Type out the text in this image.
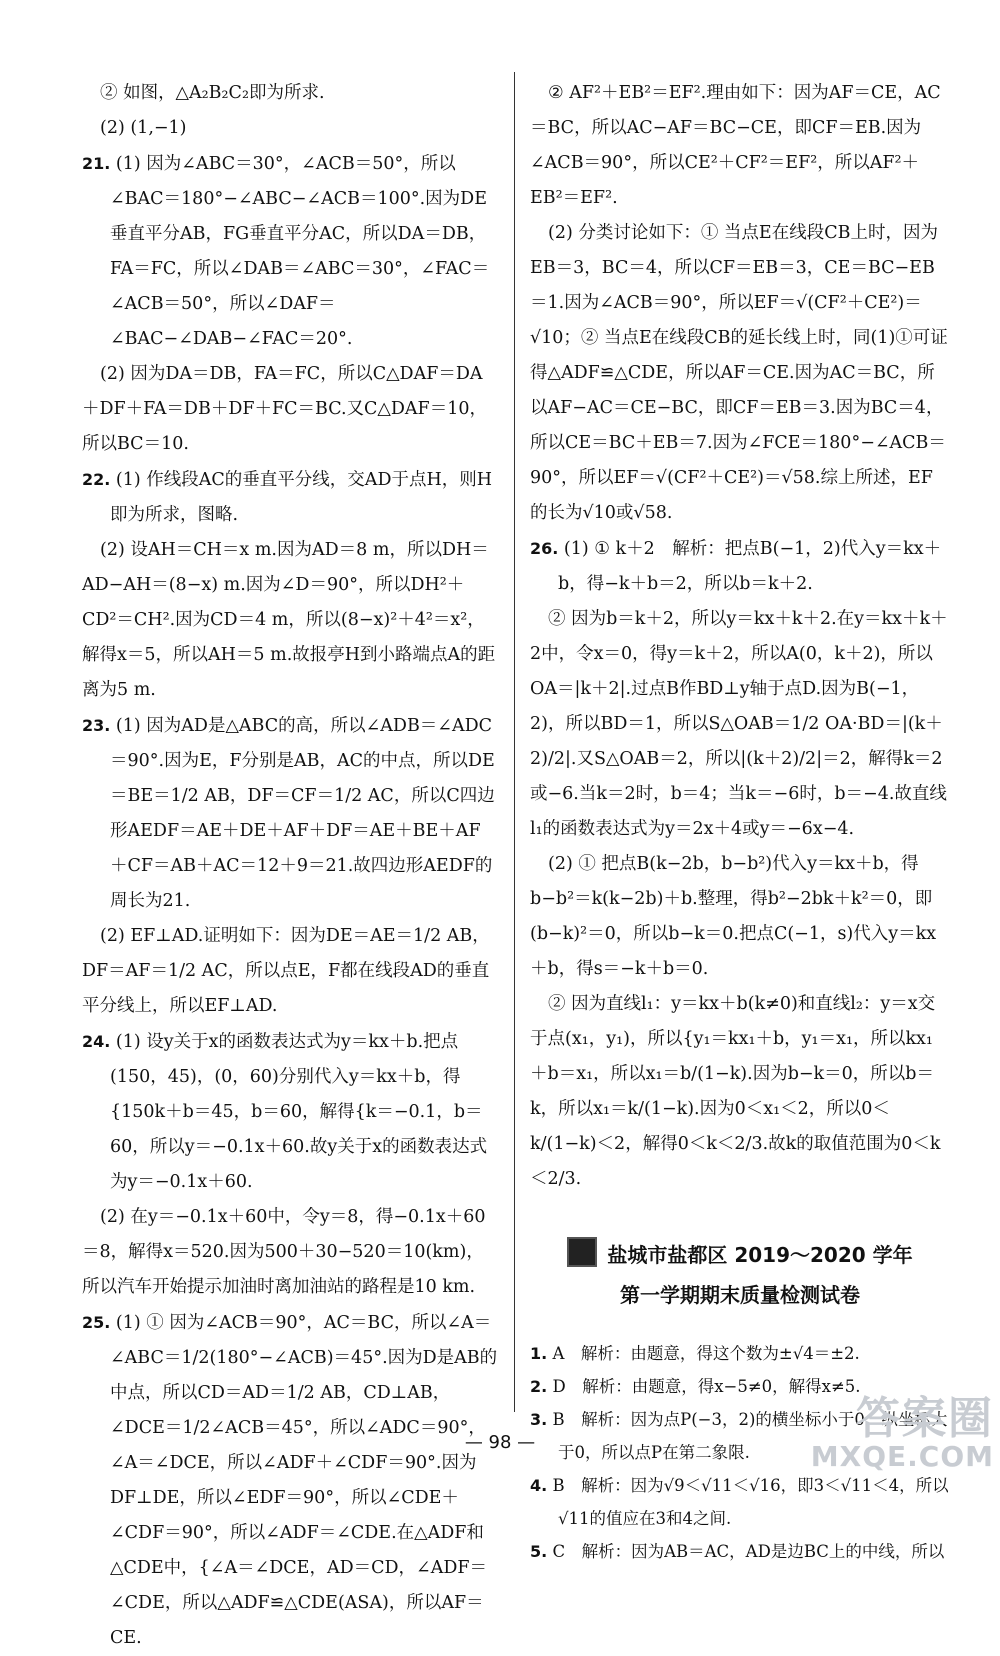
② 如图，△A₂B₂C₂即为所求.

(2) (1,−1)

21. (1) 因为∠ABC＝30°，∠ACB＝50°，所以∠BAC＝180°−∠ABC−∠ACB＝100°.因为DE垂直平分AB，FG垂直平分AC，所以DA＝DB，FA＝FC，所以∠DAB＝∠ABC＝30°，∠FAC＝∠ACB＝50°，所以∠DAF＝∠BAC−∠DAB−∠FAC＝20°.

(2) 因为DA＝DB，FA＝FC，所以C△DAF＝DA＋DF＋FA＝DB＋DF＋FC＝BC.又C△DAF＝10，所以BC＝10.

22. (1) 作线段AC的垂直平分线，交AD于点H，则H即为所求，图略.

(2) 设AH＝CH＝x m.因为AD＝8 m，所以DH＝AD−AH＝(8−x) m.因为∠D＝90°，所以DH²＋CD²＝CH².因为CD＝4 m，所以(8−x)²＋4²＝x²，解得x＝5，所以AH＝5 m.故报亭H到小路端点A的距离为5 m.

23. (1) 因为AD是△ABC的高，所以∠ADB＝∠ADC＝90°.因为E，F分别是AB，AC的中点，所以DE＝BE＝1/2 AB，DF＝CF＝1/2 AC，所以C四边形AEDF＝AE＋DE＋AF＋DF＝AE＋BE＋AF＋CF＝AB＋AC＝12＋9＝21.故四边形AEDF的周长为21.

(2) EF⊥AD.证明如下：因为DE＝AE＝1/2 AB，DF＝AF＝1/2 AC，所以点E，F都在线段AD的垂直平分线上，所以EF⊥AD.

24. (1) 设y关于x的函数表达式为y＝kx＋b.把点(150，45)，(0，60)分别代入y＝kx＋b，得{150k＋b＝45，b＝60，解得{k＝−0.1，b＝60，所以y＝−0.1x＋60.故y关于x的函数表达式为y＝−0.1x＋60.

(2) 在y＝−0.1x＋60中，令y＝8，得−0.1x＋60＝8，解得x＝520.因为500＋30−520＝10(km)，所以汽车开始提示加油时离加油站的路程是10 km.

25. (1) ① 因为∠ACB＝90°，AC＝BC，所以∠A＝∠ABC＝1/2(180°−∠ACB)＝45°.因为D是AB的中点，所以CD＝AD＝1/2 AB，CD⊥AB，∠DCE＝1/2∠ACB＝45°，所以∠ADC＝90°，∠A＝∠DCE，所以∠ADF＋∠CDF＝90°.因为DF⊥DE，所以∠EDF＝90°，所以∠CDE＋∠CDF＝90°，所以∠ADF＝∠CDE.在△ADF和△CDE中，{∠A＝∠DCE，AD＝CD，∠ADF＝∠CDE，所以△ADF≌△CDE(ASA)，所以AF＝CE.

② AF²＋EB²＝EF².理由如下：因为AF＝CE，AC＝BC，所以AC−AF＝BC−CE，即CF＝EB.因为∠ACB＝90°，所以CE²＋CF²＝EF²，所以AF²＋EB²＝EF².

(2) 分类讨论如下：① 当点E在线段CB上时，因为EB＝3，BC＝4，所以CF＝EB＝3，CE＝BC−EB＝1.因为∠ACB＝90°，所以EF＝√(CF²＋CE²)＝√10；② 当点E在线段CB的延长线上时，同(1)①可证得△ADF≌△CDE，所以AF＝CE.因为AC＝BC，所以AF−AC＝CE−BC，即CF＝EB＝3.因为BC＝4，所以CE＝BC＋EB＝7.因为∠FCE＝180°−∠ACB＝90°，所以EF＝√(CF²＋CE²)＝√58.综上所述，EF的长为√10或√58.

26. (1) ① k＋2　解析：把点B(−1，2)代入y＝kx＋b，得−k＋b＝2，所以b＝k＋2.

② 因为b＝k＋2，所以y＝kx＋k＋2.在y＝kx＋k＋2中，令x＝0，得y＝k＋2，所以A(0，k＋2)，所以OA＝|k＋2|.过点B作BD⊥y轴于点D.因为B(−1，2)，所以BD＝1，所以S△OAB＝1/2 OA·BD＝|(k＋2)/2|.又S△OAB＝2，所以|(k＋2)/2|＝2，解得k＝2或−6.当k＝2时，b＝4；当k＝−6时，b＝−4.故直线l₁的函数表达式为y＝2x＋4或y＝−6x−4.

(2) ① 把点B(k−2b，b−b²)代入y＝kx＋b，得b−b²＝k(k−2b)＋b.整理，得b²−2bk＋k²＝0，即(b−k)²＝0，所以b−k＝0.把点C(−1，s)代入y＝kx＋b，得s＝−k＋b＝0.

② 因为直线l₁：y＝kx＋b(k≠0)和直线l₂：y＝x交于点(x₁，y₁)，所以{y₁＝kx₁＋b，y₁＝x₁，所以kx₁＋b＝x₁，所以x₁＝b/(1−k).因为b−k＝0，所以b＝k，所以x₁＝k/(1−k).因为0＜x₁＜2，所以0＜k/(1−k)＜2，解得0＜k＜2/3.故k的取值范围为0＜k＜2/3.

盐城市盐都区 2019～2020 学年
第一学期期末质量检测试卷

1. A　解析：由题意，得这个数为±√4＝±2.

2. D　解析：由题意，得x−5≠0，解得x≠5.

3. B　解析：因为点P(−3，2)的横坐标小于0，纵坐标大于0，所以点P在第二象限.

4. B　解析：因为√9＜√11＜√16，即3＜√11＜4，所以√11的值应在3和4之间.

5. C　解析：因为AB＝AC，AD是边BC上的中线，所以

— 98 —	答案圈
MXQE.COM
